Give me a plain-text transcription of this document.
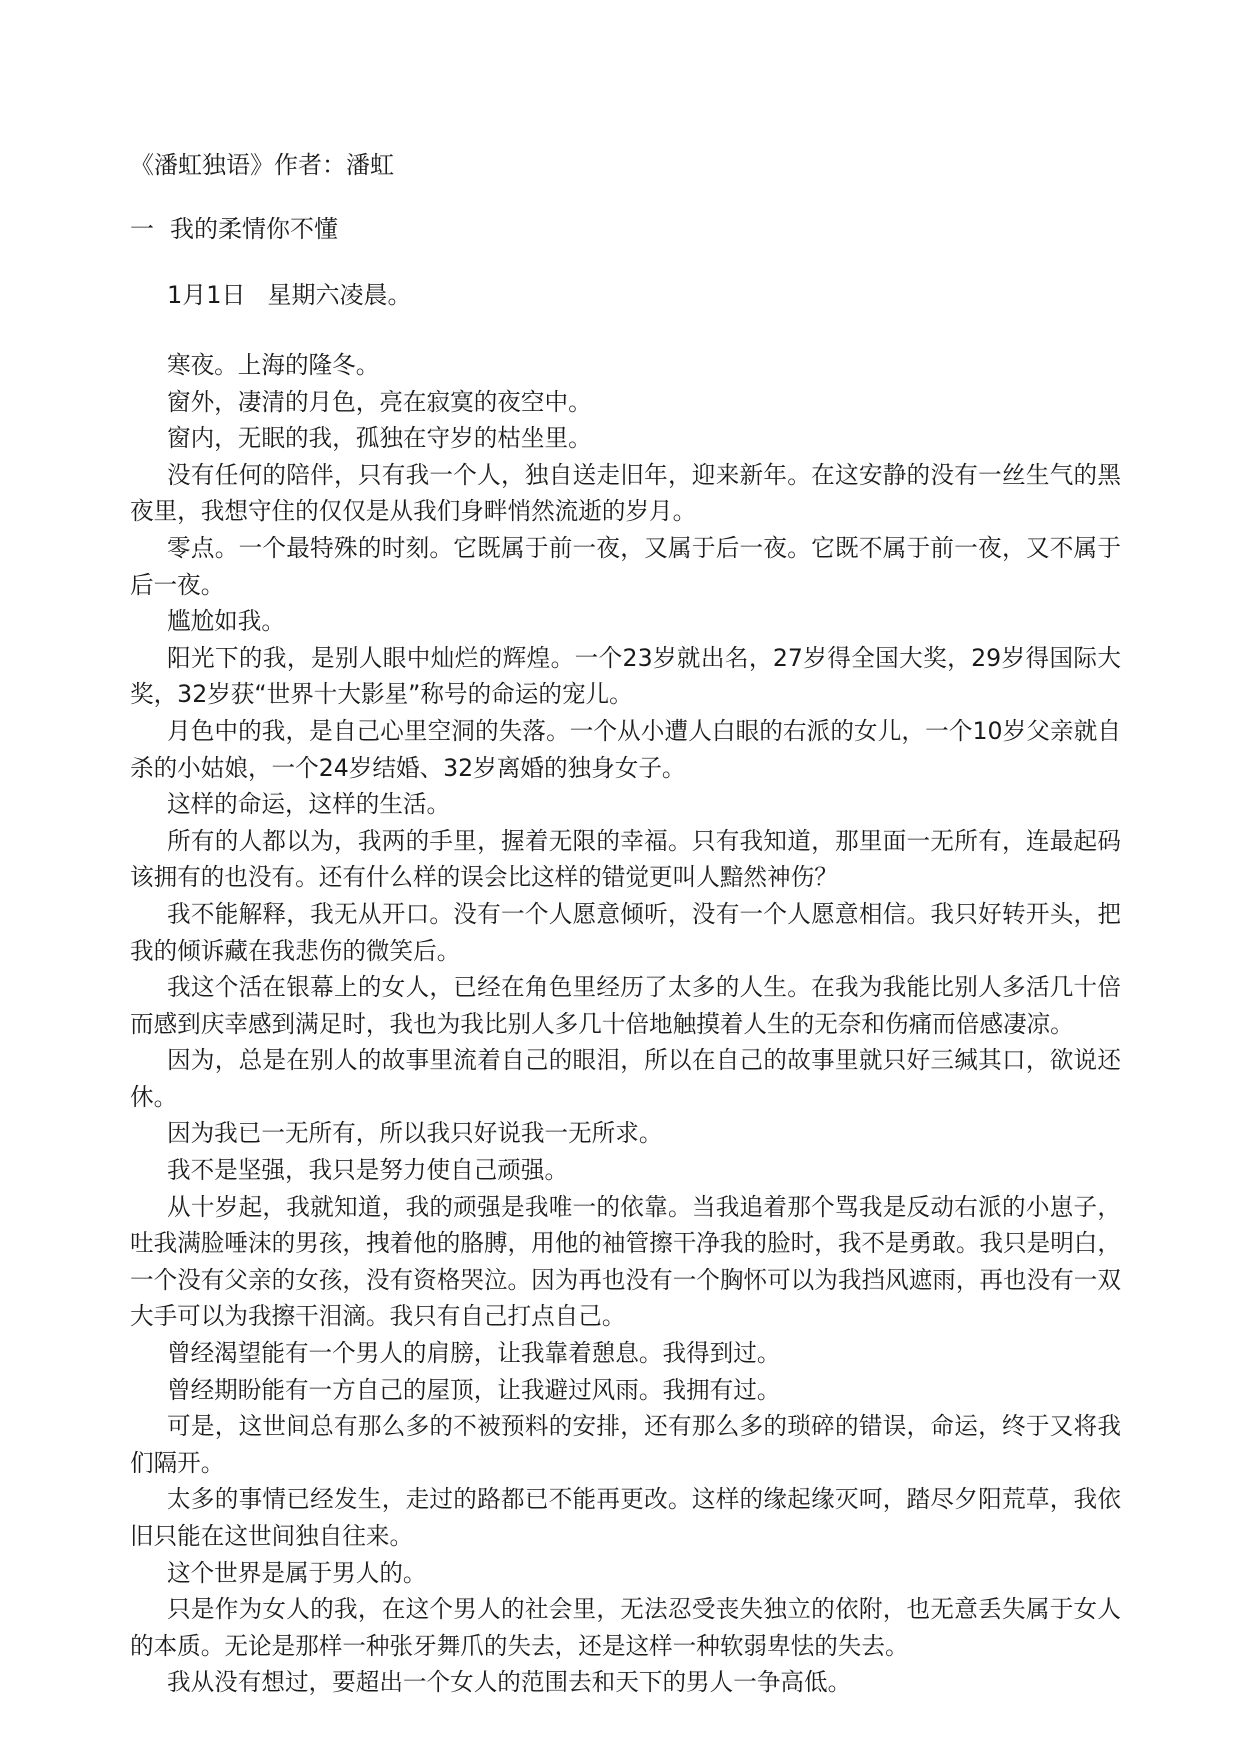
《潘虹独语》作者：潘虹
一 我的柔情你不懂
1月1日 星期六凌晨。

寒夜。上海的隆冬。

窗外，凄清的月色，亮在寂寞的夜空中。

窗内，无眠的我，孤独在守岁的枯坐里。

没有任何的陪伴，只有我一个人，独自送走旧年，迎来新年。在这安静的没有一丝生气的黑夜里，我想守住的仅仅是从我们身畔悄然流逝的岁月。

零点。一个最特殊的时刻。它既属于前一夜，又属于后一夜。它既不属于前一夜，又不属于后一夜。

尴尬如我。

阳光下的我，是别人眼中灿烂的辉煌。一个23岁就出名，27岁得全国大奖，29岁得国际大奖，32岁获“世界十大影星”称号的命运的宠儿。

月色中的我，是自己心里空洞的失落。一个从小遭人白眼的右派的女儿，一个10岁父亲就自杀的小姑娘，一个24岁结婚、32岁离婚的独身女子。

这样的命运，这样的生活。

所有的人都以为，我两的手里，握着无限的幸福。只有我知道，那里面一无所有，连最起码该拥有的也没有。还有什么样的误会比这样的错觉更叫人黯然神伤？

我不能解释，我无从开口。没有一个人愿意倾听，没有一个人愿意相信。我只好转开头，把我的倾诉藏在我悲伤的微笑后。

我这个活在银幕上的女人，已经在角色里经历了太多的人生。在我为我能比别人多活几十倍而感到庆幸感到满足时，我也为我比别人多几十倍地触摸着人生的无奈和伤痛而倍感凄凉。

因为，总是在别人的故事里流着自己的眼泪，所以在自己的故事里就只好三缄其口，欲说还休。

因为我已一无所有，所以我只好说我一无所求。

我不是坚强，我只是努力使自己顽强。

从十岁起，我就知道，我的顽强是我唯一的依靠。当我追着那个骂我是反动右派的小崽子，吐我满脸唾沫的男孩，拽着他的胳膊，用他的袖管擦干净我的脸时，我不是勇敢。我只是明白，一个没有父亲的女孩，没有资格哭泣。因为再也没有一个胸怀可以为我挡风遮雨，再也没有一双大手可以为我擦干泪滴。我只有自己打点自己。

曾经渴望能有一个男人的肩膀，让我靠着憩息。我得到过。

曾经期盼能有一方自己的屋顶，让我避过风雨。我拥有过。

可是，这世间总有那么多的不被预料的安排，还有那么多的琐碎的错误，命运，终于又将我们隔开。

太多的事情已经发生，走过的路都已不能再更改。这样的缘起缘灭呵，踏尽夕阳荒草，我依旧只能在这世间独自往来。

这个世界是属于男人的。

只是作为女人的我，在这个男人的社会里，无法忍受丧失独立的依附，也无意丢失属于女人的本质。无论是那样一种张牙舞爪的失去，还是这样一种软弱卑怯的失去。

我从没有想过，要超出一个女人的范围去和天下的男人一争高低。
